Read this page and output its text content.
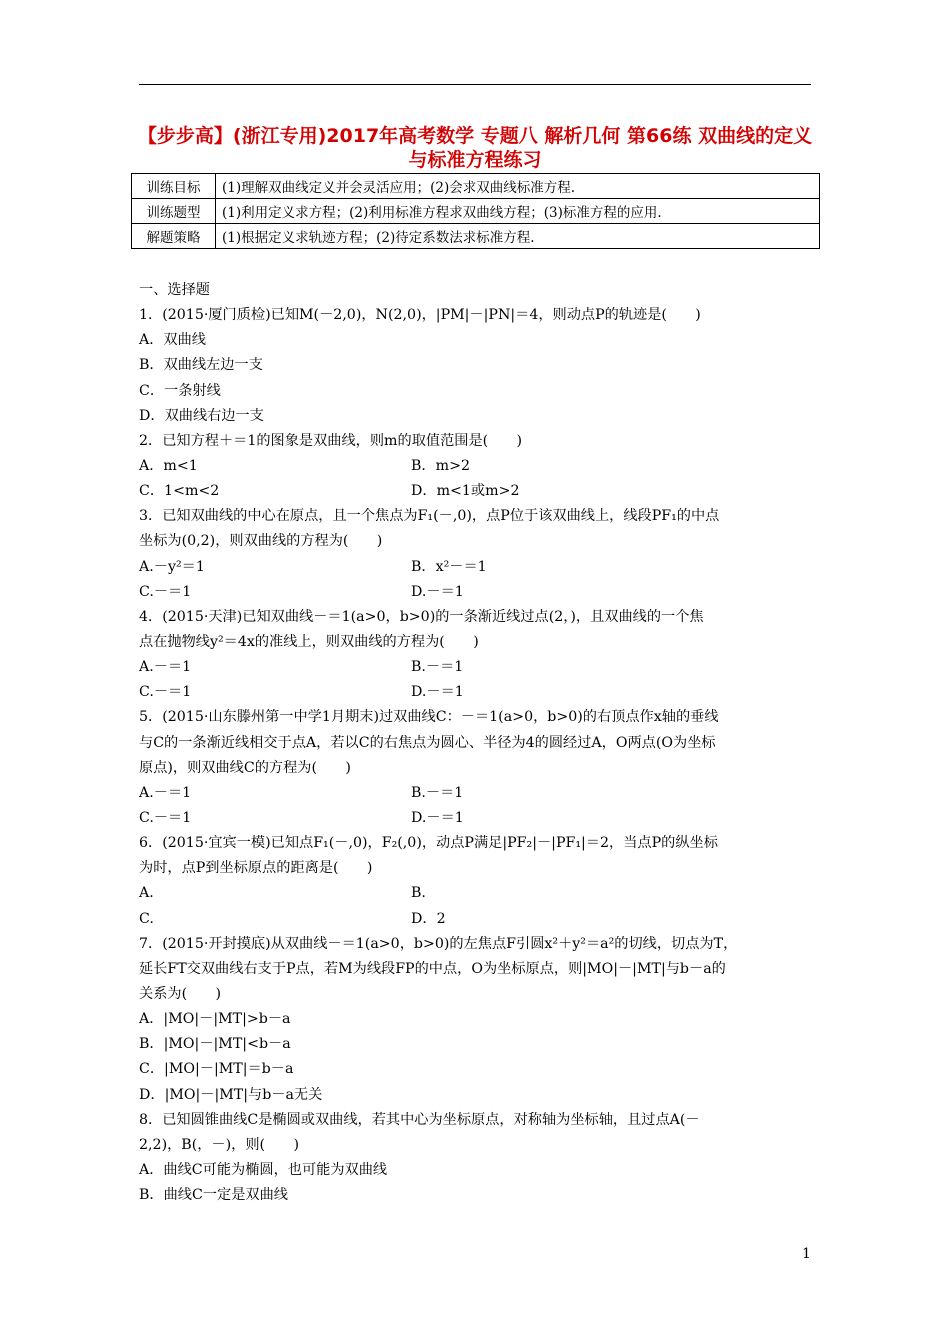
【步步高】(浙江专用)2017年高考数学 专题八 解析几何 第66练 双曲线的定义与标准方程练习
训练目标	(1)理解双曲线定义并会灵活应用；(2)会求双曲线标准方程.
训练题型	(1)利用定义求方程；(2)利用标准方程求双曲线方程；(3)标准方程的应用.
解题策略	(1)根据定义求轨迹方程；(2)待定系数法求标准方程.
一、选择题
1．(2015·厦门质检)已知M(－2,0)，N(2,0)，|PM|－|PN|＝4，则动点P的轨迹是(　　)
A．双曲线
B．双曲线左边一支
C．一条射线
D．双曲线右边一支
2．已知方程＋＝1的图象是双曲线，则m的取值范围是(　　)
A．m<1	B．m>2
C．1<m<2	D．m<1或m>2
3．已知双曲线的中心在原点，且一个焦点为F₁(－,0)，点P位于该双曲线上，线段PF₁的中点
坐标为(0,2)，则双曲线的方程为(　　)
A.－y²＝1	B．x²－＝1
C.－＝1	D.－＝1
4．(2015·天津)已知双曲线－＝1(a>0，b>0)的一条渐近线过点(2，)，且双曲线的一个焦
点在抛物线y²＝4x的准线上，则双曲线的方程为(　　)
A.－＝1	B.－＝1
C.－＝1	D.－＝1
5．(2015·山东滕州第一中学1月期末)过双曲线C：－＝1(a>0，b>0)的右顶点作x轴的垂线
与C的一条渐近线相交于点A，若以C的右焦点为圆心、半径为4的圆经过A，O两点(O为坐标
原点)，则双曲线C的方程为(　　)
A.－＝1	B.－＝1
C.－＝1	D.－＝1
6．(2015·宜宾一模)已知点F₁(－,0)，F₂(,0)，动点P满足|PF₂|－|PF₁|＝2，当点P的纵坐标
为时，点P到坐标原点的距离是(　　)
A.	B.
C.	D．2
7．(2015·开封摸底)从双曲线－＝1(a>0，b>0)的左焦点F引圆x²＋y²＝a²的切线，切点为T，
延长FT交双曲线右支于P点，若M为线段FP的中点，O为坐标原点，则|MO|－|MT|与b－a的
关系为(　　)
A．|MO|－|MT|>b－a
B．|MO|－|MT|<b－a
C．|MO|－|MT|＝b－a
D．|MO|－|MT|与b－a无关
8．已知圆锥曲线C是椭圆或双曲线，若其中心为坐标原点，对称轴为坐标轴，且过点A(－
2,2)，B(，－)，则(　　)
A．曲线C可能为椭圆，也可能为双曲线
B．曲线C一定是双曲线
1
